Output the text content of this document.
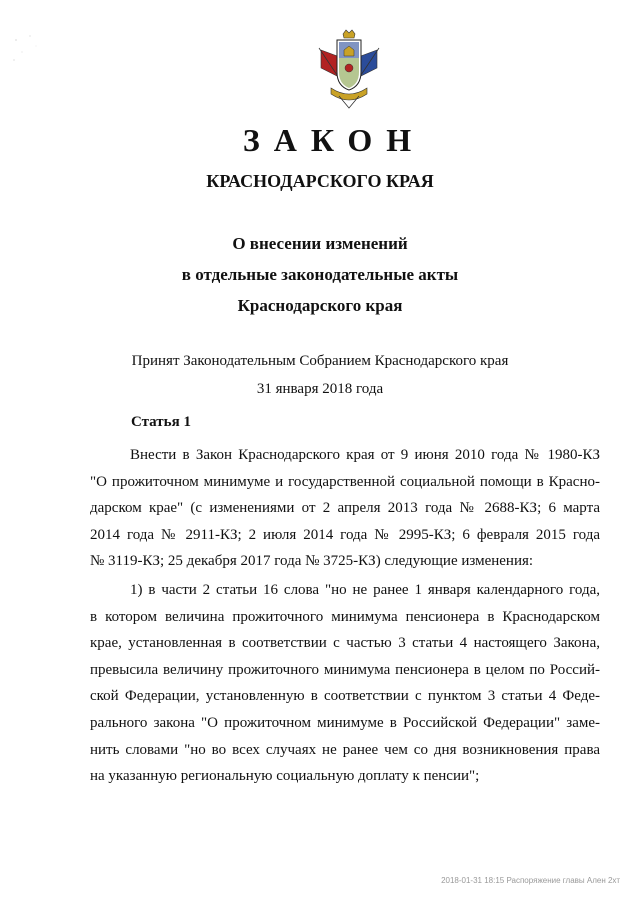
ЗАКОН
КРАСНОДАРСКОГО КРАЯ
О внесении изменений
в отдельные законодательные акты
Краснодарского края
Принят Законодательным Собранием Краснодарского края
31 января 2018 года
Статья 1
Внести в Закон Краснодарского края от 9 июня 2010 года № 1980-КЗ
"О прожиточном минимуме и государственной социальной помощи в Красно-
дарском крае" (с изменениями от 2 апреля 2013 года № 2688-КЗ; 6 марта
2014 года № 2911-КЗ; 2 июля 2014 года № 2995-КЗ; 6 февраля 2015 года
№ 3119-КЗ; 25 декабря 2017 года № 3725-КЗ) следующие изменения:
1) в части 2 статьи 16 слова "но не ранее 1 января календарного года,
в котором величина прожиточного минимума пенсионера в Краснодарском
крае, установленная в соответствии с частью 3 статьи 4 настоящего Закона,
превысила величину прожиточного минимума пенсионера в целом по Россий-
ской Федерации, установленную в соответствии с пунктом 3 статьи 4 Феде-
рального закона "О прожиточном минимуме в Российской Федерации" заме-
нить словами "но во всех случаях не ранее чем со дня возникновения права
на указанную региональную социальную доплату к пенсии";
2018-01-31 18:15 Распоряжение главы Ален 2хт
